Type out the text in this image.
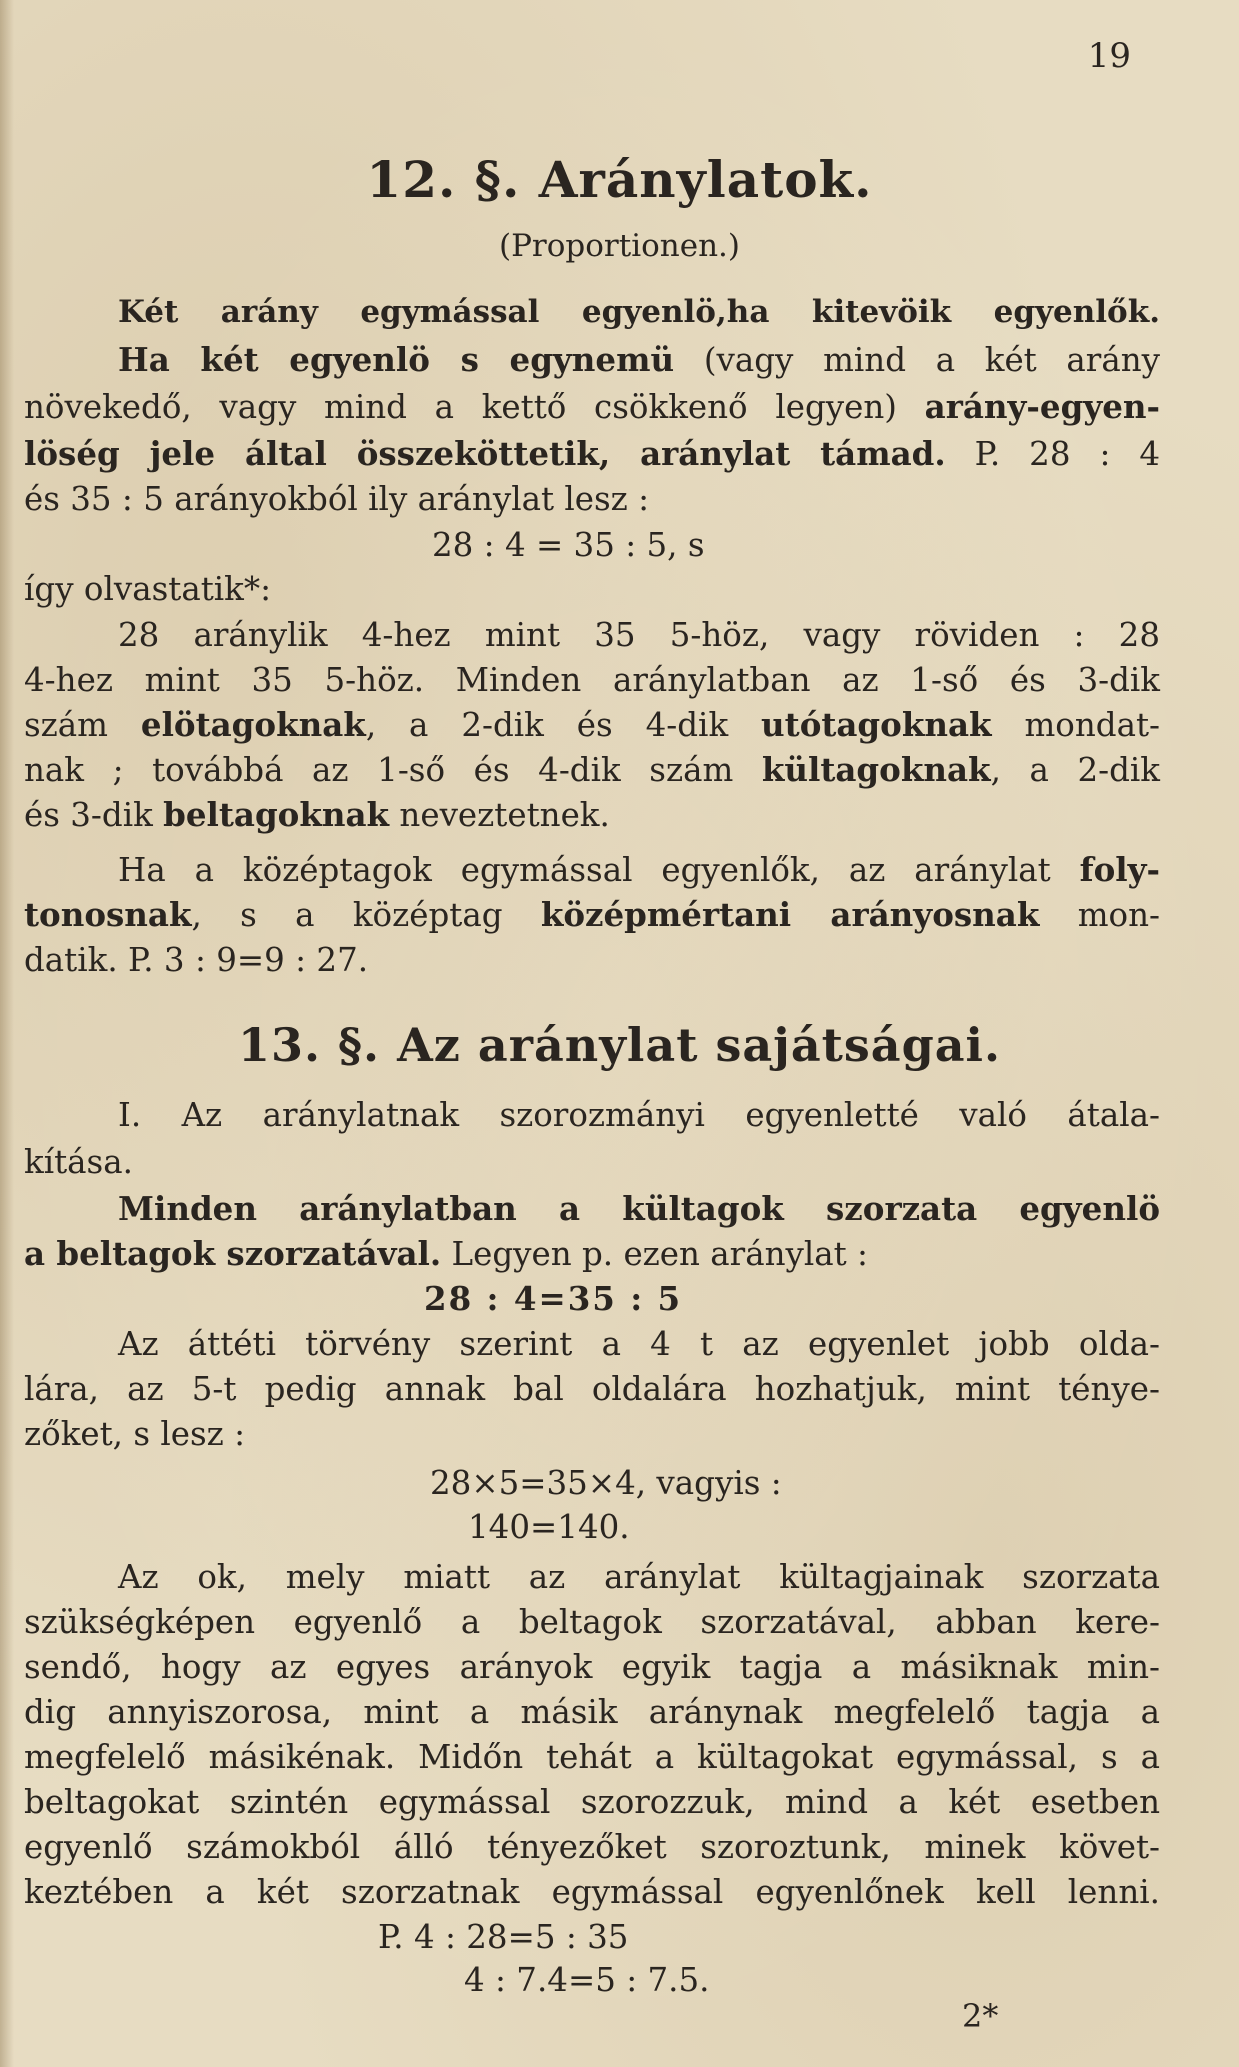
19
12. §. Aránylatok.
(Proportionen.)
Két arány egymással egyenlö,ha kitevöik egyenlők.
Ha két egyenlö s egynemü (vagy mind a két arány
növekedő, vagy mind a kettő csökkenő legyen) arány-egyen-
löség jele által összeköttetik, aránylat támad. P. 28 : 4
és 35 : 5 arányokból ily aránylat lesz :
28 : 4 = 35 : 5, s
így olvastatik*:
28 aránylik 4-hez mint 35 5-höz, vagy röviden : 28
4-hez mint 35 5-höz. Minden aránylatban az 1-ső és 3-dik
szám elötagoknak, a 2-dik és 4-dik utótagoknak mondat-
nak ; továbbá az 1-ső és 4-dik szám kültagoknak, a 2-dik
és 3-dik beltagoknak neveztetnek.
Ha a középtagok egymással egyenlők, az aránylat foly-
tonosnak, s a középtag középmértani arányosnak mon-
datik. P. 3 : 9=9 : 27.
13. §. Az aránylat sajátságai.
I. Az aránylatnak szorozmányi egyenletté való átala-
kítása.
Minden aránylatban a kültagok szorzata egyenlö
a beltagok szorzatával. Legyen p. ezen aránylat :
28 : 4=35 : 5
Az áttéti törvény szerint a 4 t az egyenlet jobb olda-
lára, az 5-t pedig annak bal oldalára hozhatjuk, mint ténye-
zőket, s lesz :
28×5=35×4, vagyis :
140=140.
Az ok, mely miatt az aránylat kültagjainak szorzata
szükségképen egyenlő a beltagok szorzatával, abban kere-
sendő, hogy az egyes arányok egyik tagja a másiknak min-
dig annyiszorosa, mint a másik aránynak megfelelő tagja a
megfelelő másikénak. Midőn tehát a kültagokat egymással, s a
beltagokat szintén egymással szorozzuk, mind a két esetben
egyenlő számokból álló tényezőket szoroztunk, minek követ-
keztében a két szorzatnak egymással egyenlőnek kell lenni.
P. 4 : 28=5 : 35
4 : 7.4=5 : 7.5.
2*
